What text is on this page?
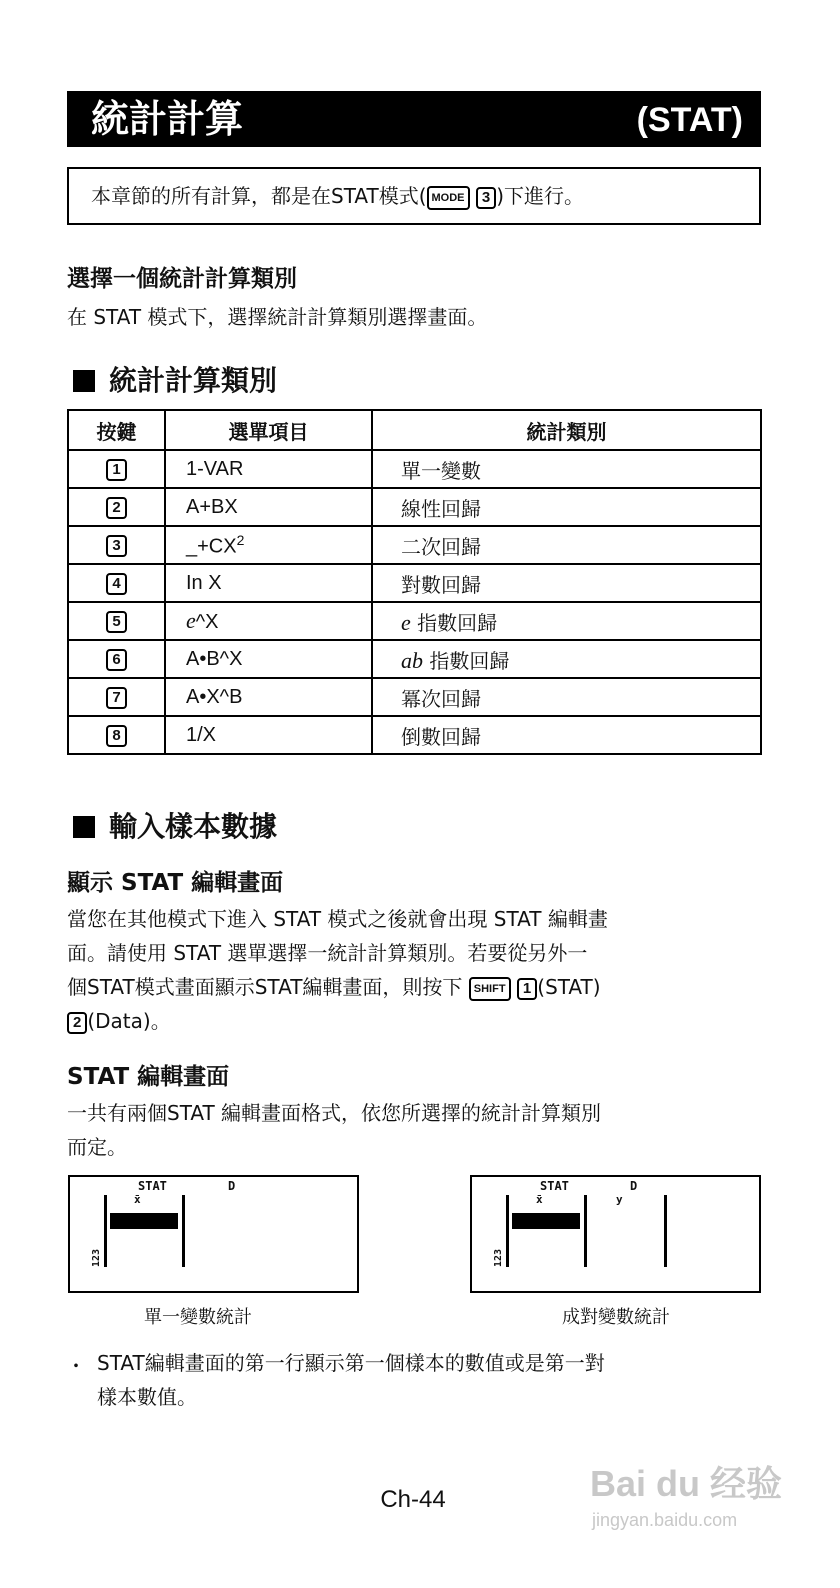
統計計算	(STAT)
本章節的所有計算，都是在STAT模式( MODE 3 )下進行。
選擇一個統計計算類別
在 STAT 模式下，選擇統計計算類別選擇畫面。
統計計算類別
按鍵	選單項目	統計類別
1	1-VAR	單一變數
2	A+BX	線性回歸
3	$\_+CX^2$	二次回歸
4	In X	對數回歸
5	e^X	e 指數回歸
6	A•B^X	ab 指數回歸
7	A•X^B	冪次回歸
8	1/X	倒數回歸
輸入樣本數據
顯示 STAT 編輯畫面
當您在其他模式下進入 STAT 模式之後就會出現 STAT 編輯畫
面。請使用 STAT 選單選擇一統計計算類別。若要從另外一
個STAT模式畫面顯示STAT編輯畫面，則按下 SHIFT 1 (STAT)
2 (Data)。
STAT 編輯畫面
一共有兩個STAT 編輯畫面格式，依您所選擇的統計計算類別
而定。
STAT	D
x̄
123
單一變數統計
STAT	D
x̄	y
123
成對變數統計
・ STAT編輯畫面的第一行顯示第一個樣本的數值或是第一對
樣本數值。
Ch-44	Bai du 经验
jingyan.baidu.com
